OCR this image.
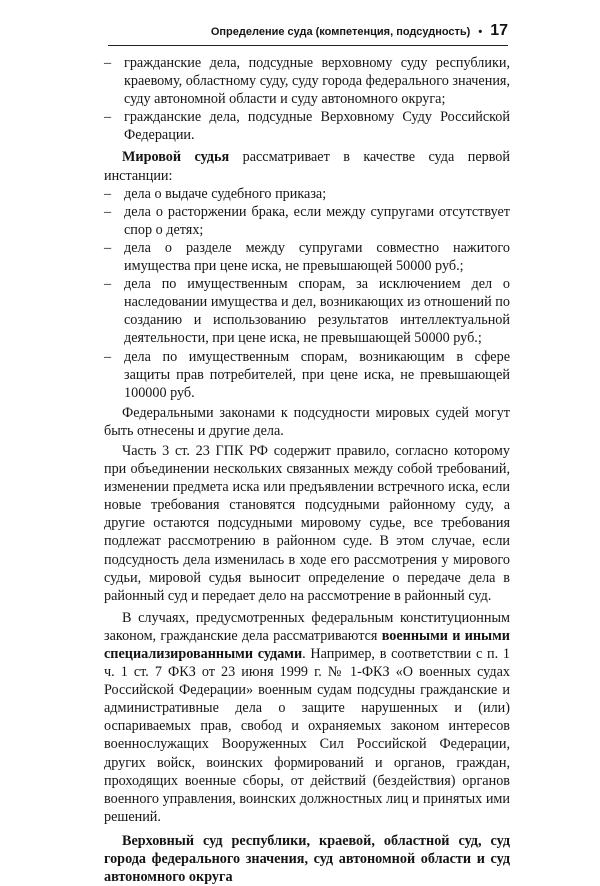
Определение суда (компетенция, подсудность) • 17
– гражданские дела, подсудные верховному суду республики, краевому, областному суду, суду города федерального значения, суду автономной области и суду автономного округа;
– гражданские дела, подсудные Верховному Суду Российской Федерации.
Мировой судья рассматривает в качестве суда первой инстанции:
– дела о выдаче судебного приказа;
– дела о расторжении брака, если между супругами отсутствует спор о детях;
– дела о разделе между супругами совместно нажитого имущества при цене иска, не превышающей 50000 руб.;
– дела по имущественным спорам, за исключением дел о наследовании имущества и дел, возникающих из отношений по созданию и использованию результатов интеллектуальной деятельности, при цене иска, не превышающей 50000 руб.;
– дела по имущественным спорам, возникающим в сфере защиты прав потребителей, при цене иска, не превышающей 100000 руб.
Федеральными законами к подсудности мировых судей могут быть отнесены и другие дела.
Часть 3 ст. 23 ГПК РФ содержит правило, согласно которому при объединении нескольких связанных между собой требований, изменении предмета иска или предъявлении встречного иска, если новые требования становятся подсудными районному суду, а другие остаются подсудными мировому судье, все требования подлежат рассмотрению в районном суде. В этом случае, если подсудность дела изменилась в ходе его рассмотрения у мирового судьи, мировой судья выносит определение о передаче дела в районный суд и передает дело на рассмотрение в районный суд.
В случаях, предусмотренных федеральным конституционным законом, гражданские дела рассматриваются военными и иными специализированными судами. Например, в соответствии с п. 1 ч. 1 ст. 7 ФКЗ от 23 июня 1999 г. № 1-ФКЗ «О военных судах Российской Федерации» военным судам подсудны гражданские и административные дела о защите нарушенных и (или) оспариваемых прав, свобод и охраняемых законом интересов военнослужащих Вооруженных Сил Российской Федерации, других войск, воинских формирований и органов, граждан, проходящих военные сборы, от действий (бездействия) органов военного управления, воинских должностных лиц и принятых ими решений.
Верховный суд республики, краевой, областной суд, суд города федерального значения, суд автономной области и суд автономного округа
